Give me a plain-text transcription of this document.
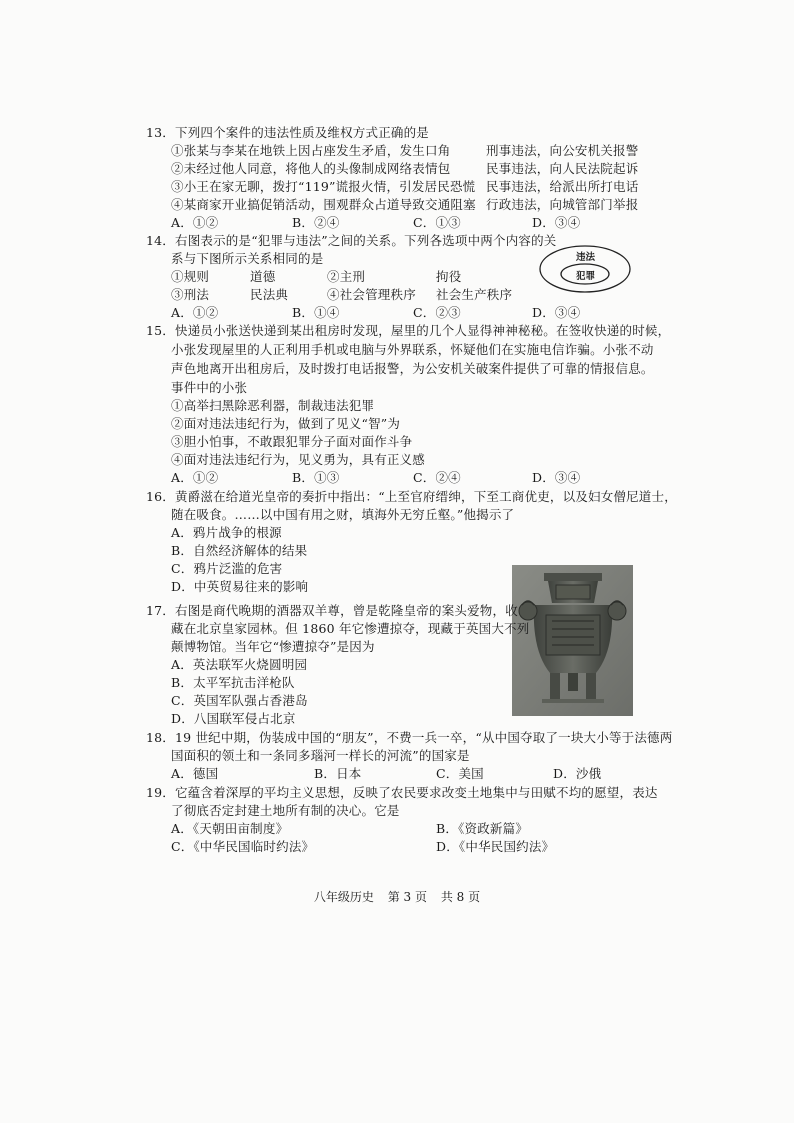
13．下列四个案件的违法性质及维权方式正确的是
①张某与李某在地铁上因占座发生矛盾，发生口角	刑事违法，向公安机关报警
②未经过他人同意，将他人的头像制成网络表情包	民事违法，向人民法院起诉
③小王在家无聊，拨打“119”谎报火情，引发居民恐慌 民事违法，给派出所打电话
④某商家开业搞促销活动，围观群众占道导致交通阻塞 行政违法，向城管部门举报
A．①②	B．②④	C．①③	D．③④
14．右图表示的是“犯罪与违法”之间的关系。下列各选项中两个内容的关
系与下图所示关系相同的是
①规则	道德	②主刑	拘役
③刑法	民法典	④社会管理秩序 社会生产秩序
A．①②	B．①④	C．②③	D．③④
违法
犯罪
15．快递员小张送快递到某出租房时发现，屋里的几个人显得神神秘秘。在签收快递的时候，
小张发现屋里的人正利用手机或电脑与外界联系，怀疑他们在实施电信诈骗。小张不动
声色地离开出租房后，及时拨打电话报警，为公安机关破案件提供了可靠的情报信息。
事件中的小张
①高举扫黑除恶利器，制裁违法犯罪
②面对违法违纪行为，做到了见义“智”为
③胆小怕事，不敢跟犯罪分子面对面作斗争
④面对违法违纪行为，见义勇为，具有正义感
A．①②	B．①③	C．②④	D．③④
16．黄爵滋在给道光皇帝的奏折中指出：“上至官府缙绅，下至工商优吏，以及妇女僧尼道士，
随在吸食。……以中国有用之财，填海外无穷丘壑。”他揭示了
A．鸦片战争的根源
B．自然经济解体的结果
C．鸦片泛滥的危害
D．中英贸易往来的影响
17．右图是商代晚期的酒器双羊尊，曾是乾隆皇帝的案头爱物，收
藏在北京皇家园林。但 1860 年它惨遭掠夺，现藏于英国大不列
颠博物馆。当年它“惨遭掠夺”是因为
A．英法联军火烧圆明园
B．太平军抗击洋枪队
C．英国军队强占香港岛
D．八国联军侵占北京
18．19 世纪中期，伪装成中国的“朋友”，不费一兵一卒，“从中国夺取了一块大小等于法德两
国面积的领土和一条同多瑙河一样长的河流”的国家是
A．德国	B．日本	C．美国	D．沙俄
19．它蕴含着深厚的平均主义思想，反映了农民要求改变土地集中与田赋不均的愿望，表达
了彻底否定封建土地所有制的决心。它是
A．《天朝田亩制度》	B．《资政新篇》
C．《中华民国临时约法》	D．《中华民国约法》
八年级历史 第 3 页 共 8 页
